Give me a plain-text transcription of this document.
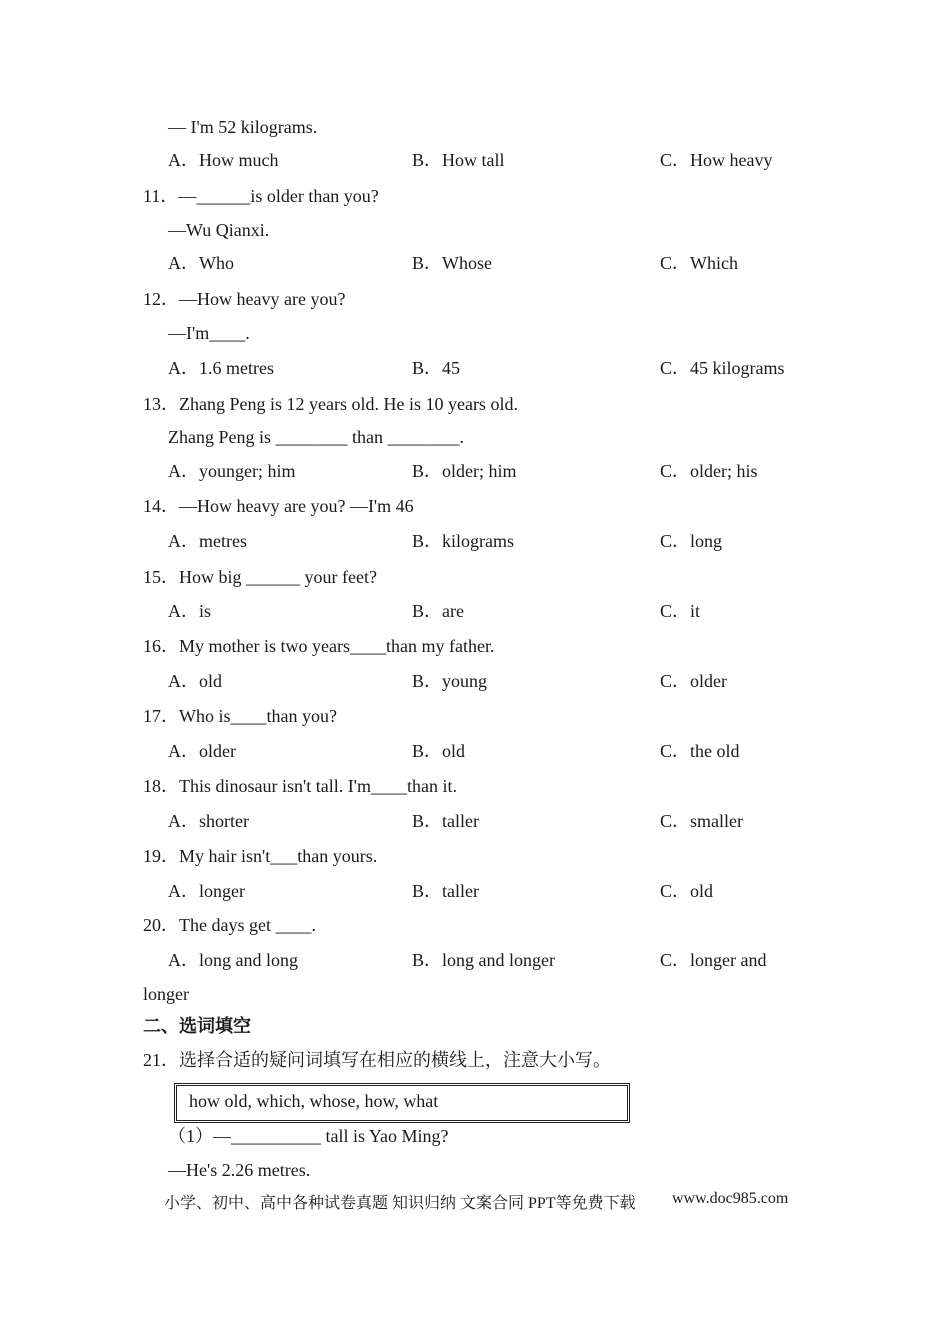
— I'm 52 kilograms.
A．How much	B．How tall	C．How heavy
11．—______is older than you?
—Wu Qianxi.
A．Who	B．Whose	C．Which
12．—How heavy are you?
—I'm____.
A．1.6 metres	B．45	C．45 kilograms
13．Zhang Peng is 12 years old. He is 10 years old.
Zhang Peng is ________ than ________.
A．younger; him	B．older; him	C．older; his
14．—How heavy are you? —I'm 46
A．metres	B．kilograms	C．long
15．How big ______ your feet?
A．is	B．are	C．it
16．My mother is two years____than my father.
A．old	B．young	C．older
17．Who is____than you?
A．older	B．old	C．the old
18．This dinosaur isn't tall. I'm____than it.
A．shorter	B．taller	C．smaller
19．My hair isn't___than yours.
A．longer	B．taller	C．old
20．The days get ____.
A．long and long	B．long and longer	C．longer and
longer
二、选词填空
21．选择合适的疑问词填写在相应的横线上，注意大小写。
how old, which, whose, how, what
（1）—__________ tall is Yao Ming?
—He's 2.26 metres.
小学、初中、高中各种试卷真题 知识归纳 文案合同 PPT等免费下载 www.doc985.com
